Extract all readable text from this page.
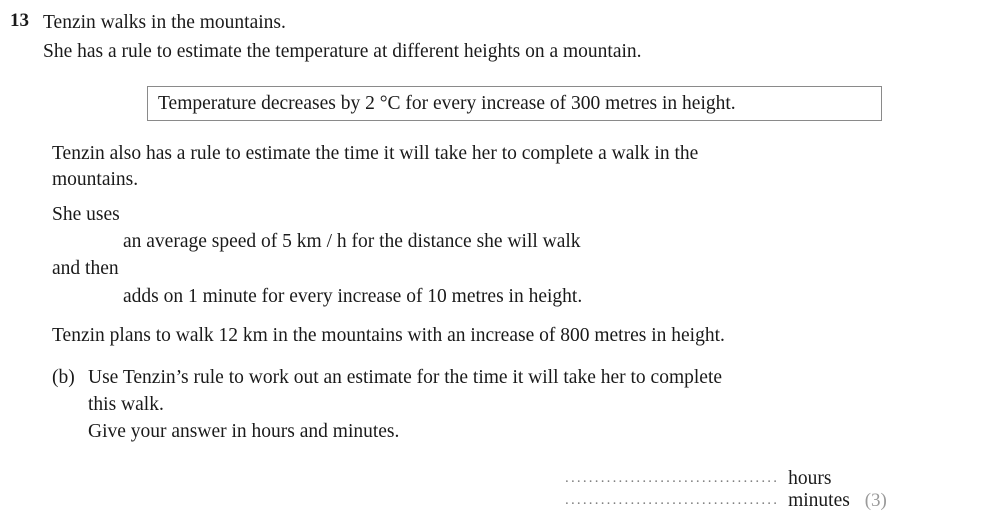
13 Tenzin walks in the mountains.
She has a rule to estimate the temperature at different heights on a mountain.
Temperature decreases by 2 °C for every increase of 300 metres in height.
Tenzin also has a rule to estimate the time it will take her to complete a walk in the
mountains.
She uses
an average speed of 5 km / h for the distance she will walk
and then
adds on 1 minute for every increase of 10 metres in height.
Tenzin plans to walk 12 km in the mountains with an increase of 800 metres in height.
(b) Use Tenzin’s rule to work out an estimate for the time it will take her to complete
this walk.
Give your answer in hours and minutes.
.................................... hours .................................... minutes (3)
